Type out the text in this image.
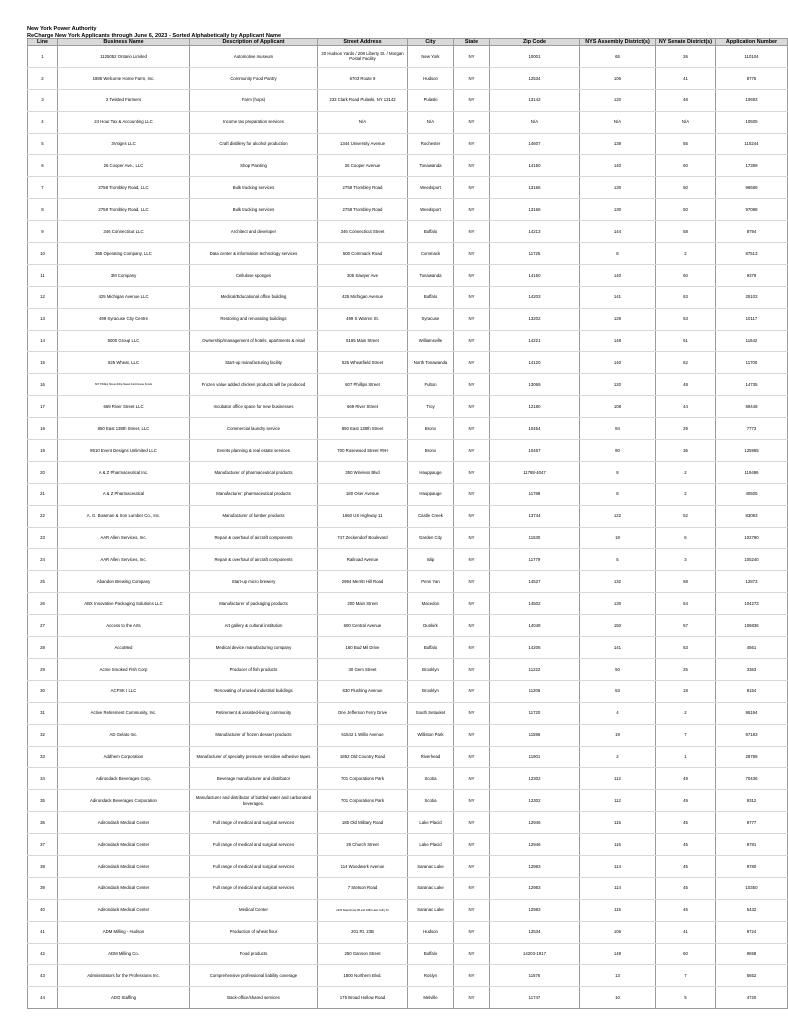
New York Power Authority
ReCharge New York Applicants through June 6, 2023 - Sorted Alphabetically by Applicant Name
Line	Business Name	Description of Applicant	Street Address	City	State	Zip Code	NYS Assembly District(s)	NY Senate District(s)	Application Number
1	1125052 Ontario Limited	Automotive museum	20 Hudson Yards / 208 Liberty St. / Morgan Postal Facility	New York	NY	10001	65	26	110104
2	1886 Welcome Home Farm, Inc.	Community Food Pantry	6703 Route 9	Hudson	NY	12534	106	41	8775
3	2 Twisted Farmers	Farm (hops)	233 Clark Road Pulaski, NY 13142	Pulaski	NY	13142	120	48	10693
4	24 Hour Tax & Accounting LLC	Income tax preparation services	N/A	N/A	NY	N/A	N/A	N/A	10505
5	3Vsigns LLC	Craft distillery for alcohol production	1344 University Avenue	Rochester	NY	14607	138	55	115244
6	26 Cooper Ave., LLC	Shop Painting	26 Cooper Avenue	Tonawanda	NY	14150	140	60	17389
7	2758 Trombley Road, LLC	Bulk trucking services	2758 Trombley Road	Weedsport	NY	13166	130	50	96589
8	2758 Trombley Road, LLC	Bulk trucking services	2758 Trombley Road	Weedsport	NY	13166	130	50	97088
9	346 Connecticut LLC	Architect and developer	346 Connecticut Street	Buffalo	NY	14213	144	58	8794
10	365 Operating Company, LLC	Data center & information technology services	500 Commack Road	Commack	NY	11725	8	2	87513
11	3M Company	Cellulose sponges	305 Sawyer Ave	Tonawanda	NY	14150	140	60	9379
12	425 Michigan Avenue LLC	Medical/Educational office building	425 Michigan Avenue	Buffalo	NY	14203	141	63	25103
13	499 Syracuse City Centre	Restoring and renovating buildings	499 S Warren St.	Syracuse	NY	13202	129	53	10117
14	5000 Group LLC	Ownership/management of hotels, apartments & retail	5165 Main Street	Williamsville	NY	14221	148	61	11642
15	525 Wheat, LLC	Start-up manufacturing facility	525 Wheatfield Street	North Tonawanda	NY	14120	140	62	11700
16	607 Phillips Street d/b/a Sweet Farmhouse Foods	Frozen value added chicken products will be produced	607 Phillips Street	Fulton	NY	13069	120	48	14735
17	669 River Street LLC	Incubator office space for new businesses	669 River Street	Troy	NY	12180	108	44	89448
18	850 East 138th Street, LLC	Commercial laundry service	850 East 138th Street	Bronx	NY	10454	84	29	7773
19	8910 Event Designs Unlimited LLC	Events planning & real estate services	700 Rosewood Street #9H	Bronx	NY	10467	80	36	125955
20	A & Z Pharmaceutical Inc.	Manufacturer of pharmaceutical products	350 Wireless Blvd	Hauppauge	NY	11788-4047	8	2	119486
21	A & Z Pharmaceutical	Manufacturer: pharmaceutical products	180 Oser Avenue	Hauppauge	NY	11788	8	2	40505
22	A. G. Bowman & Son Lumber Co., Inc.	Manufacturer of lumber products	1660 US Highway 11	Castle Creek	NY	13744	122	52	83083
23	AAR Allen Services, Inc.	Repair & overhaul of aircraft components	747 Zeckendorf Boulevard	Garden City	NY	11530	19	6	102790
24	AAR Allen Services, Inc.	Repair & overhaul of aircraft components	Railroad Avenue	Islip	NY	11779	5	3	105240
25	Abandon Brewing Company	Start-up micro brewery	2994 Merritt Hill Road	Penn Yan	NY	14527	132	58	12873
26	ABX Innovative Packaging Solutions LLC	Manufacturer of packaging products	200 Main Street	Macedon	NY	14502	130	54	104273
27	Access to the Arts	Art gallery & cultural institution	600 Central Avenue	Dunkirk	NY	14048	150	57	106836
28	AccuMed	Medical device manufacturing company	160 Bud Mil Drive	Buffalo	NY	14206	141	63	4561
29	Acme Smoked Fish Corp	Producer of fish products	30 Gem Street	Brooklyn	NY	11222	50	25	3363
30	ACFSK I LLC	Renovating of unused industrial buildings	630 Flushing Avenue	Brooklyn	NY	11206	53	18	8154
31	Active Retirement Community, Inc.	Retirement & assisted-living community	One Jefferson Ferry Drive	South Setauket	NY	11720	4	2	95194
32	AD Gelato Inc.	Manufacturer of frozen dessert products	61542 1 Willis Avenue	Williston Park	NY	11596	19	7	97183
33	Addhem Corporation	Manufacturer of specialty pressure sensitive adhesive tapes	1852 Old Country Road	Riverhead	NY	11901	2	1	28788
34	Adirondack Beverages Corp.	Beverage manufacturer and distributor	701 Corporations Park	Scotia	NY	12302	112	49	70436
35	Adirondack Beverages Corporation	Manufacturer and distributor of bottled water and carbonated beverages.	701 Corporations Park	Scotia	NY	12302	112	49	9312
36	Adirondack Medical Center	Full range of medical and surgical services	185 Old Military Road	Lake Placid	NY	12946	115	45	9777
37	Adirondack Medical Center	Full range of medical and surgical services	29 Church Street	Lake Placid	NY	12946	115	45	9781
38	Adirondack Medical Center	Full range of medical and surgical services	114 Woodwork Avenue	Saranac Lake	NY	12983	114	45	9780
39	Adirondack Medical Center	Full range of medical and surgical services	7 Stetson Road	Saranac Lake	NY	12983	114	45	10350
40	Adirondack Medical Center	Medical Center	2233 State Route 86 and 2383 Lake Colby Dr	Saranac Lake	NY	12983	115	45	5432
41	ADM Milling - Hudson	Production of wheat flour	201 Rt. 23B	Hudson	NY	12534	106	41	9724
42	ADM Milling Co.	Food products	250 Ganson Street	Buffalo	NY	14203-1917	149	60	9658
43	Administrators for the Professions Inc.	Comprehensive professional liability coverage	1800 Northern Blvd.	Roslyn	NY	11576	13	7	5652
44	ADO Staffing	Back-office/shared services	175 Broad Hollow Road	Melville	NY	11747	10	5	4720
